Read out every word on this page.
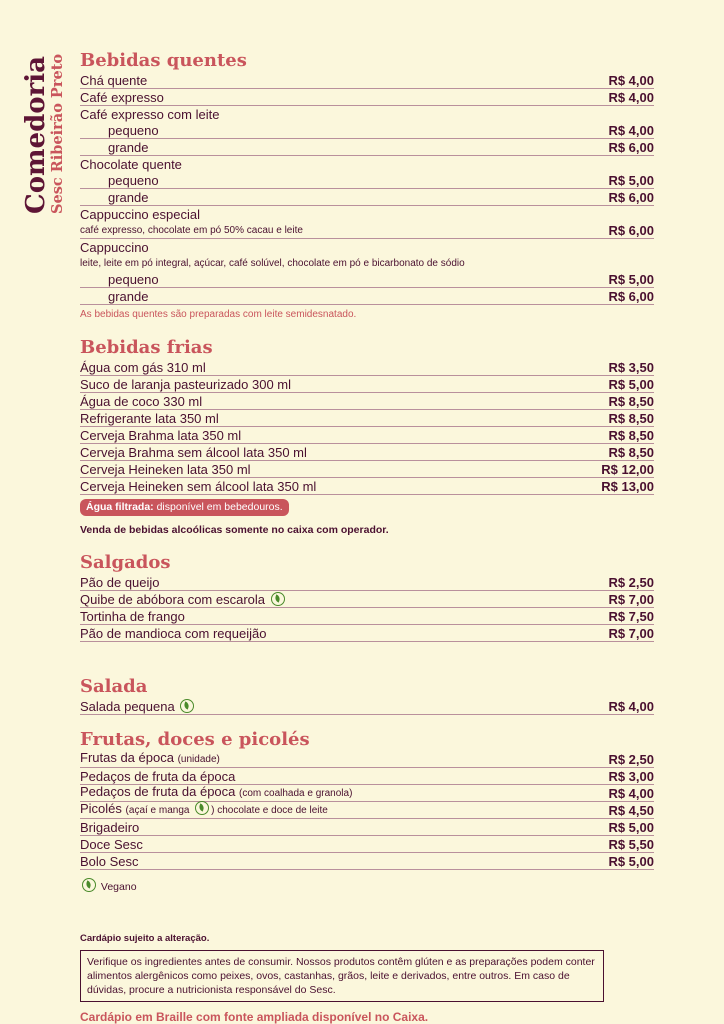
Comedoria
Sesc Ribeirão Preto Bebidas quentes
Chá quente	R$ 4,00
Café expresso	R$ 4,00
Café expresso com leite
pequeno	R$ 4,00
grande	R$ 6,00
Chocolate quente
pequeno	R$ 5,00
grande	R$ 6,00
Cappuccino especial
café expresso, chocolate em pó 50% cacau e leite	R$ 6,00
Cappuccino
leite, leite em pó integral, açúcar, café solúvel, chocolate em pó e bicarbonato de sódio
pequeno	R$ 5,00
grande	R$ 6,00
As bebidas quentes são preparadas com leite semidesnatado.
Bebidas frias
Água com gás 310 ml	R$ 3,50
Suco de laranja pasteurizado 300 ml	R$ 5,00
Água de coco 330 ml	R$ 8,50
Refrigerante lata 350 ml	R$ 8,50
Cerveja Brahma lata 350 ml	R$ 8,50
Cerveja Brahma sem álcool lata 350 ml	R$ 8,50
Cerveja Heineken lata 350 ml	R$ 12,00
Cerveja Heineken sem álcool lata 350 ml	R$ 13,00
Água filtrada: disponível em bebedouros.
Venda de bebidas alcoólicas somente no caixa com operador.
Salgados
Pão de queijo	R$ 2,50
Quibe de abóbora com escarola	R$ 7,00
Tortinha de frango	R$ 7,50
Pão de mandioca com requeijão	R$ 7,00
Salada
Salada pequena	R$ 4,00
Frutas, doces e picolés
Frutas da época (unidade)	R$ 2,50
Pedaços de fruta da época	R$ 3,00
Pedaços de fruta da época (com coalhada e granola)	R$ 4,00
Picolés (açaí e manga ) chocolate e doce de leite	R$ 4,50
Brigadeiro	R$ 5,00
Doce Sesc	R$ 5,50
Bolo Sesc	R$ 5,00
Vegano
Cardápio sujeito a alteração.
Verifique os ingredientes antes de consumir. Nossos produtos contêm glúten e as preparações podem conter alimentos alergênicos como peixes, ovos, castanhas, grãos, leite e derivados, entre outros. Em caso de dúvidas, procure a nutricionista responsável do Sesc.
Cardápio em Braille com fonte ampliada disponível no Caixa.
